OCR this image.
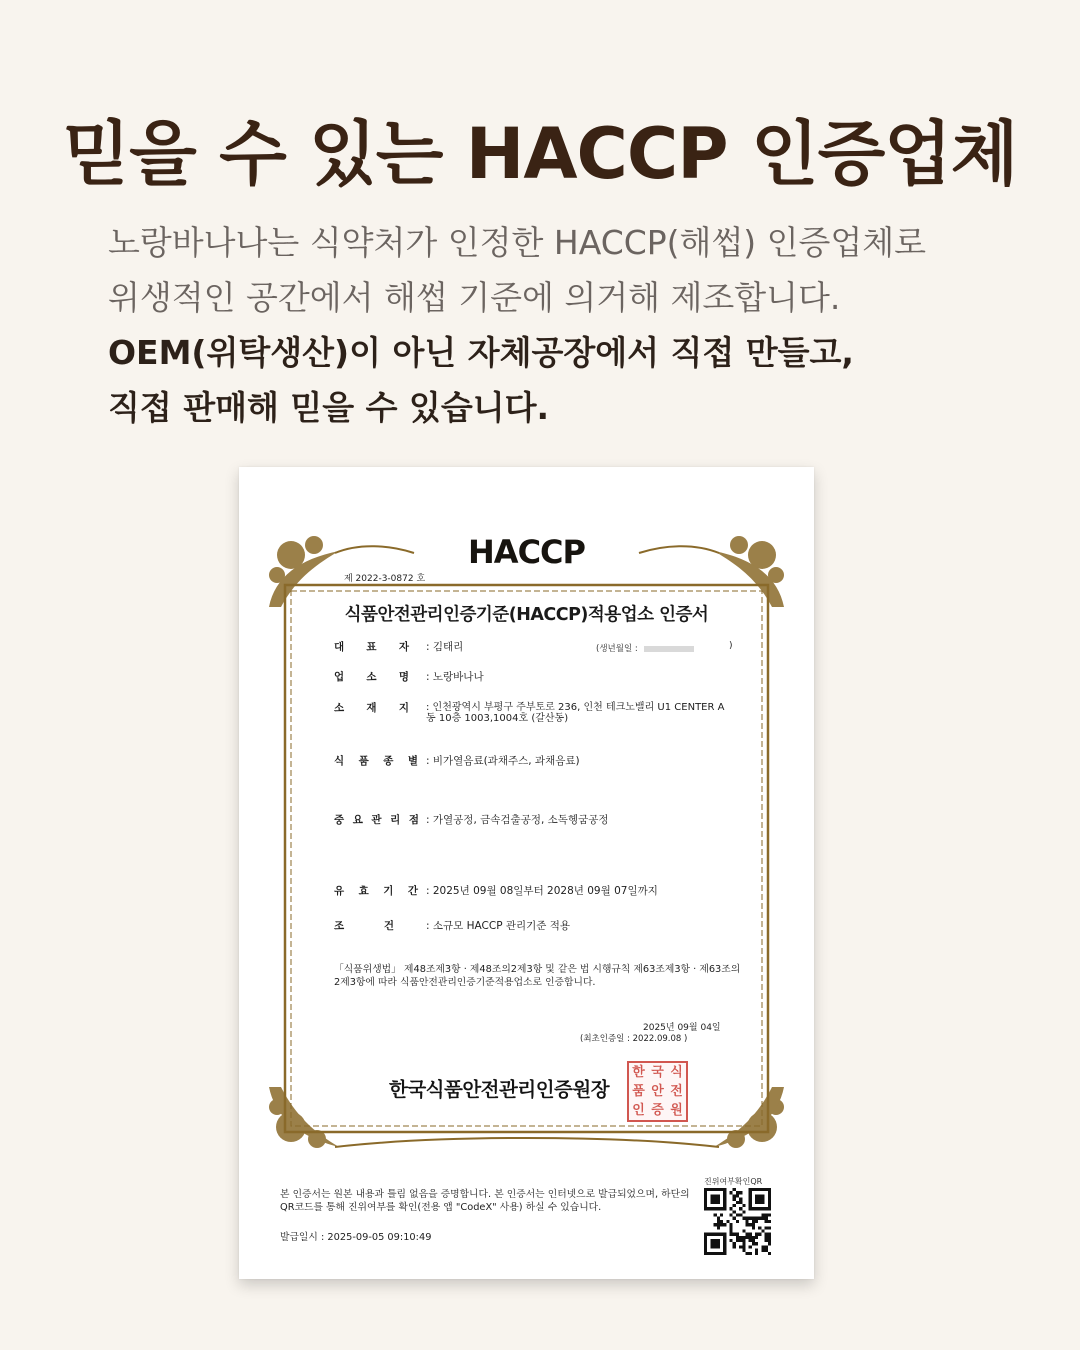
믿을 수 있는 HACCP 인증업체
노랑바나나는 식약처가 인정한 HACCP(해썹) 인증업체로
위생적인 공간에서 해썹 기준에 의거해 제조합니다.
OEM(위탁생산)이 아닌 자체공장에서 직접 만들고,
직접 판매해 믿을 수 있습니다.
HACCP
제 2022-3-0872 호
식품안전관리인증기준(HACCP)적용업소 인증서
대 표 자 : 김태리	(생년월일 :	)
업 소 명 : 노랑바나나
소 재 지 : 인천광역시 부평구 주부토로 236, 인천 테크노밸리 U1 CENTER A동 10층 1003,1004호 (갈산동)
식 품 종 별 : 비가열음료(과채주스, 과채음료)
중 요 관 리 점 : 가열공정, 금속검출공정, 소독헹굼공정
유 효 기 간 : 2025년 09월 08일부터 2028년 09월 07일까지
조	건	: 소규모 HACCP 관리기준 적용
「식품위생법」 제48조제3항 · 제48조의2제3항 및 같은 법 시행규칙 제63조제3항 · 제63조의2제3항에 따라 식품안전관리인증기준적용업소로 인증합니다.
2025년 09월 04일
(최초인증일 : 2022.09.08 )
한국식품안전관리인증원장
한 국 식
품 안 전
인 증 원
본 인증서는 원본 내용과 틀림 없음을 증명합니다. 본 인증서는 인터넷으로 발급되었으며, 하단의 QR코드를 통해 진위여부를 확인(전용 앱 "CodeX" 사용) 하실 수 있습니다.
발급일시 : 2025-09-05 09:10:49
진위여부확인QR
